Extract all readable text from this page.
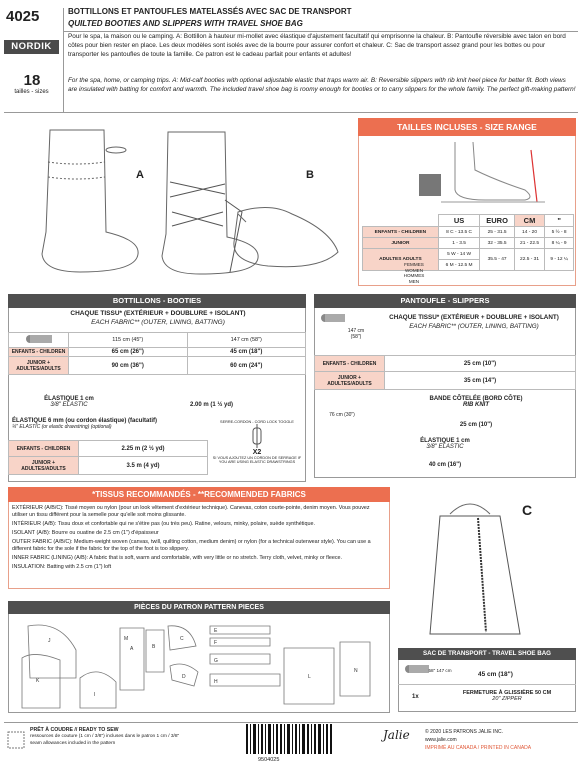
4025
NORDIK
18
tailles - sizes
BOTTILLONS ET PANTOUFLES MATELASSÉS AVEC SAC DE TRANSPORT
QUILTED BOOTIES AND SLIPPERS WITH TRAVEL SHOE BAG
Pour le spa, la maison ou le camping. A: Bottillon à hauteur mi-mollet avec élastique d'ajustement facultatif qui emprisonne la chaleur. B: Pantoufle réversible avec talon en bord côtes pour bien rester en place. Les deux modèles sont isolés avec de la bourre pour assurer confort et chaleur. C: Sac de transport assez grand pour les bottes ou pour transporter les pantoufles de toute la famille. Ce patron est le cadeau parfait pour enfants et adultes!
For the spa, home, or camping trips. A: Mid-calf booties with optional adjustable elastic that traps warm air. B: Reversible slippers with rib knit heel piece for better fit. Both views are insulated with batting for comfort and warmth. The included travel shoe bag is roomy enough for booties or to carry slippers for the whole family. The perfect gift-making pattern!
A	B
TAILLES INCLUSES - SIZE RANGE
	US	EURO	CM	"
ENFANTS - CHILDREN	8 C - 13.5 C	25 - 31.5	14 - 20	5 ½ - 8
JUNIOR	1 - 3.5	32 - 35.5	21 - 22.5	8 ¼ - 9
ADULTES ADULTS	5 W - 14 W	35.5 - 47	22.5 - 31	9 - 12 ¼
	6 M - 12.5 M			
FEMMES WOMEN
HOMMES MEN
BOTTILLONS - BOOTIES
CHAQUE TISSU* (EXTÉRIEUR + DOUBLURE + ISOLANT)
EACH FABRIC** (OUTER, LINING, BATTING)
	115 cm (45")	147 cm (58")
ENFANTS - CHILDREN	65 cm (26")	45 cm (18")
JUNIOR + ADULTES/ADULTS	90 cm (36")	60 cm (24")
ÉLASTIQUE 1 cm
3/8" ELASTIC	2.00 m (1 ½ yd)
ÉLASTIQUE 6 mm (ou cordon élastique) (facultatif)
¼" ELASTIC (or elastic drawstring) (optional)
ENFANTS - CHILDREN	2.25 m (2 ½ yd)
JUNIOR + ADULTES/ADULTS	3.5 m (4 yd)
SERRE-CORDON - CORD LOCK TOGGLE
X2
SI VOUS AJOUTEZ UN CORDON DE SERRAGE IF YOU ARE USING ELASTIC DRAWSTRINGS
PANTOUFLE - SLIPPERS
147 cm (58")
CHAQUE TISSU* (EXTÉRIEUR + DOUBLURE + ISOLANT)
EACH FABRIC** (OUTER, LINING, BATTING)
ENFANTS - CHILDREN	25 cm (10")
JUNIOR + ADULTES/ADULTS	35 cm (14")
76 cm (30")
BANDE CÔTELÉE (BORD CÔTE)
RIB KNIT
25 cm (10")
ÉLASTIQUE 1 cm
3/8" ELASTIC
40 cm (16")
*TISSUS RECOMMANDÉS - **RECOMMENDED FABRICS

EXTÉRIEUR (A/B/C): Tissé moyen ou nylon (pour un look vêtement d'extérieur technique). Canevas, coton courte-pointe, denim moyen. Vous pouvez utiliser un tissu différent pour la semelle pour qu'elle soit moins glissante.

INTÉRIEUR (A/B): Tissu doux et confortable qui ne s'étire pas (ou très peu). Ratine, velours, minky, polaire, suède synthétique.

ISOLANT (A/B): Bourre ou ouatine de 2.5 cm (1") d'épaisseur

OUTER FABRIC (A/B/C): Medium-weight woven (canvas, twill, quilting cotton, medium denim) or nylon (for a technical outerwear style). You can use a different fabric for the sole if the fabric for the top of the foot is too slippery.

INNER FABRIC (LINING) (A/B): A fabric that is soft, warm and comfortable, with very little or no stretch. Terry cloth, velvet, minky or fleece.

INSULATION: Batting with 2.5 cm (1") loft

C
PIÈCES DU PATRON PATTERN PIECES
J
A	B
C
D
E
F
G
H
I
K
L
M
N
SAC DE TRANSPORT - TRAVEL SHOE BAG
58" 147 cm
45 cm (18")
1x
FERMETURE À GLISSIÈRE 50 CM
20" ZIPPER
PRÊT À COUDRE // READY TO SEW
ressources de couture (1 cm / 3/8") incluses dans le patron 1 cm / 3/8" seam allowances included in the pattern
9504025
Jalie	© 2020 LES PATRONS JALIE INC.
www.jalie.com
IMPRIMÉ AU CANADA / PRINTED IN CANADA
